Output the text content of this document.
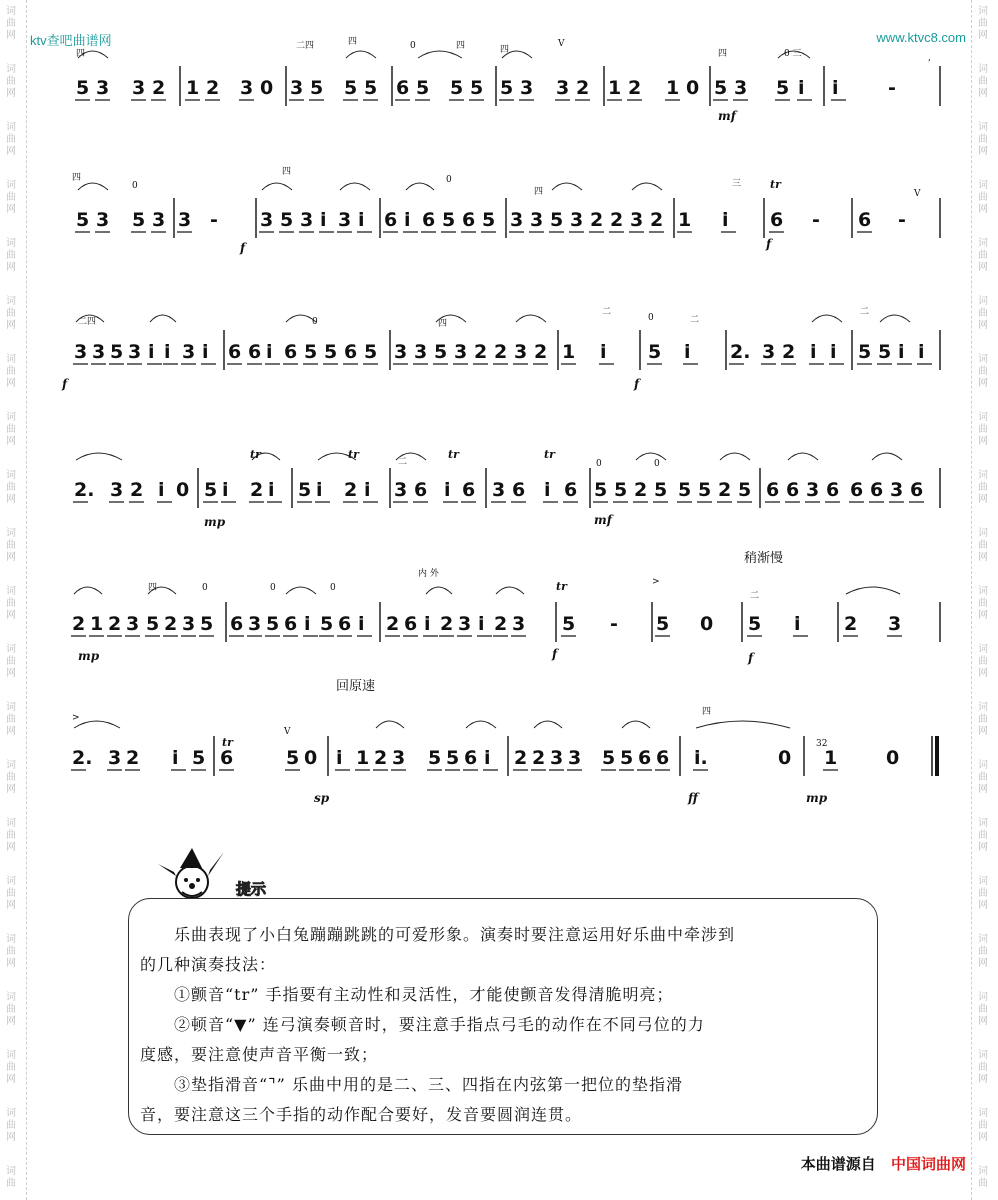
词
曲
网
词
曲
网
词
曲
网
词
曲
网
词
曲
网
词
曲
网
词
曲
网
词
曲
网
词
曲
网
词
曲
网
词
曲
网
词
曲
网
词
曲
网
词
曲
网
词
曲
网
词
曲
网
词
曲
网
词
曲
网
词
曲
网
词
曲
网
词
曲
词
曲
网
词
曲
网
词
曲
网
词
曲
网
词
曲
网
词
曲
网
词
曲
网
词
曲
网
词
曲
网
词
曲
网
词
曲
网
词
曲
网
词
曲
网
词
曲
网
词
曲
网
词
曲
网
词
曲
网
词
曲
网
词
曲
网
词
曲
网
词
曲
ktv查吧曲谱网	www.ktvc8.com
5 3 3 2 1 2 3 0 3 5 5 5 6 5 5 5 5 3 3 2 1 2 1 0 5 3 5 i i	-
四
二四	四	0	四	四
V
四	0 三	,
mf
5 3 5 3 3 - 3 5 3 i 3 i 6 i 6 5 6 5 3 3 5 3 2 2 3 2 1 i 6 - 6 -
四
0
四
0
四
三	tr
V
f	f
3 3 5 3 i i 3 i 6 6 i 6 5 5 6 5 3 3 5 3 2 2 3 2 1 i 5 i 2. 3 2 i i 5 5 i i
二四	0	四
二
0	二
二
f	f
2. 3 2 i 0 5 i 2 i 5 i 2 i 3 6 i 6 3 6 i 6 5 5 2 5 5 5 2 5 6 6 3 6 6 6 3 6
tr	tr
二
tr	tr
0	0
mp	mf
2 1 2 3 5 2 3 5 6 3 5 6 i 5 6 i 2 6 i 2 3 i 2 3 5 - 5 0 5 i 2 3
四	0	0	0
内 外
tr	>
二
mp	f	f
稍渐慢
2. 3 2 i 5 6	5 0 i 1 2 3 5 5 6 i 2 2 3 3 5 5 6 6 i.	0 1	0
>
tr
V
四
32
sp	ff	mp
回原速
提示

乐曲表现了小白兔蹦蹦跳跳的可爱形象。演奏时要注意运用好乐曲中牵涉到

的几种演奏技法：

①颤音“tr” 手指要有主动性和灵活性，才能使颤音发得清脆明亮；

②顿音“▼” 连弓演奏顿音时，要注意手指点弓毛的动作在不同弓位的力

度感，要注意使声音平衡一致；

③垫指滑音“⌝” 乐曲中用的是二、三、四指在内弦第一把位的垫指滑

音，要注意这三个手指的动作配合要好，发音要圆润连贯。

本曲谱源自 中国词曲网
